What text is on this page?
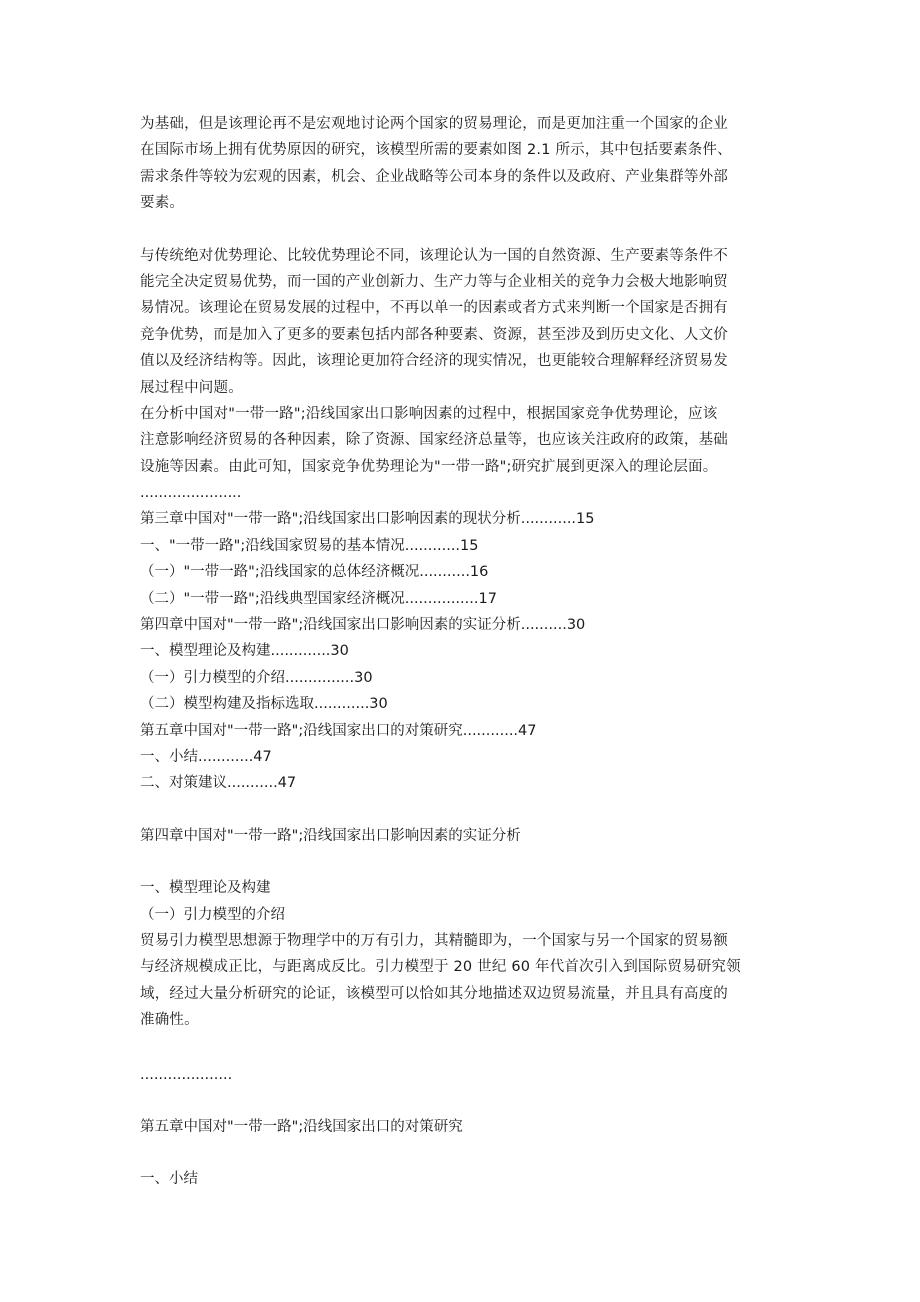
为基础，但是该理论再不是宏观地讨论两个国家的贸易理论，而是更加注重一个国家的企业
在国际市场上拥有优势原因的研究，该模型所需的要素如图 2.1 所示，其中包括要素条件、
需求条件等较为宏观的因素，机会、企业战略等公司本身的条件以及政府、产业集群等外部
要素。
与传统绝对优势理论、比较优势理论不同，该理论认为一国的自然资源、生产要素等条件不
能完全决定贸易优势，而一国的产业创新力、生产力等与企业相关的竞争力会极大地影响贸
易情况。该理论在贸易发展的过程中，不再以单一的因素或者方式来判断一个国家是否拥有
竞争优势，而是加入了更多的要素包括内部各种要素、资源，甚至涉及到历史文化、人文价
值以及经济结构等。因此，该理论更加符合经济的现实情况，也更能较合理解释经济贸易发
展过程中问题。
在分析中国对"一带一路";沿线国家出口影响因素的过程中，根据国家竞争优势理论，应该
注意影响经济贸易的各种因素，除了资源、国家经济总量等，也应该关注政府的政策，基础
设施等因素。由此可知，国家竞争优势理论为"一带一路";研究扩展到更深入的理论层面。
......................
第三章中国对"一带一路";沿线国家出口影响因素的现状分析............15
一、"一带一路";沿线国家贸易的基本情况............15
（一）"一带一路";沿线国家的总体经济概况...........16
（二）"一带一路";沿线典型国家经济概况................17
第四章中国对"一带一路";沿线国家出口影响因素的实证分析..........30
一、模型理论及构建.............30
（一）引力模型的介绍...............30
（二）模型构建及指标选取............30
第五章中国对"一带一路";沿线国家出口的对策研究............47
一、小结............47
二、对策建议...........47
第四章中国对"一带一路";沿线国家出口影响因素的实证分析
一、模型理论及构建
（一）引力模型的介绍
贸易引力模型思想源于物理学中的万有引力，其精髓即为，一个国家与另一个国家的贸易额
与经济规模成正比，与距离成反比。引力模型于 20 世纪 60 年代首次引入到国际贸易研究领
域，经过大量分析研究的论证，该模型可以恰如其分地描述双边贸易流量，并且具有高度的
准确性。
....................
第五章中国对"一带一路";沿线国家出口的对策研究
一、小结
